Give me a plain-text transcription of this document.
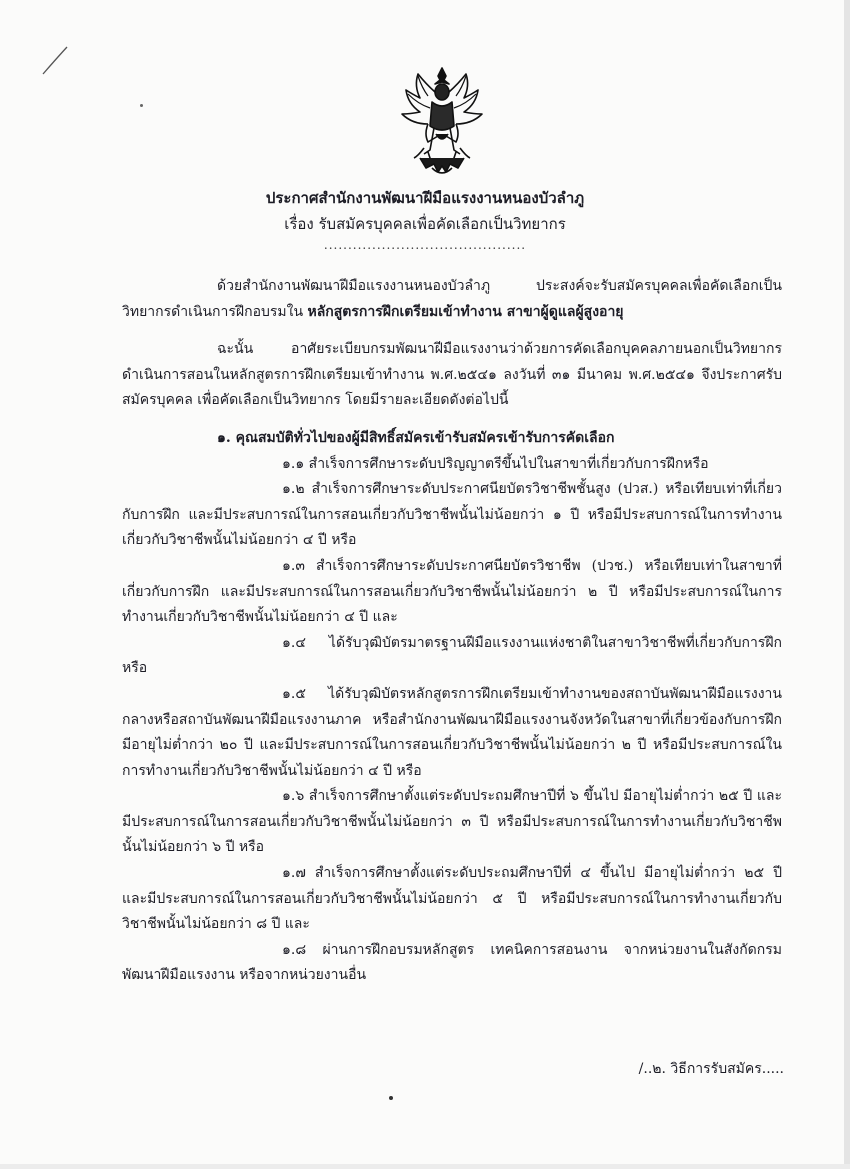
ประกาศสำนักงานพัฒนาฝีมือแรงงานหนองบัวลำภู
เรื่อง รับสมัครบุคคลเพื่อคัดเลือกเป็นวิทยากร
..........................................

ด้วยสำนักงานพัฒนาฝีมือแรงงานหนองบัวลำภู ประสงค์จะรับสมัครบุคคลเพื่อคัดเลือกเป็นวิทยากรดำเนินการฝึกอบรมใน หลักสูตรการฝึกเตรียมเข้าทำงาน สาขาผู้ดูแลผู้สูงอายุ

ฉะนั้น อาศัยระเบียบกรมพัฒนาฝีมือแรงงานว่าด้วยการคัดเลือกบุคคลภายนอกเป็นวิทยากรดำเนินการสอนในหลักสูตรการฝึกเตรียมเข้าทำงาน พ.ศ.๒๕๔๑ ลงวันที่ ๓๑ มีนาคม พ.ศ.๒๕๔๑ จึงประกาศรับสมัครบุคคล เพื่อคัดเลือกเป็นวิทยากร โดยมีรายละเอียดดังต่อไปนี้

๑. คุณสมบัติทั่วไปของผู้มีสิทธิ์สมัครเข้ารับสมัครเข้ารับการคัดเลือก

๑.๑ สำเร็จการศึกษาระดับปริญญาตรีขึ้นไปในสาขาที่เกี่ยวกับการฝึกหรือ

๑.๒ สำเร็จการศึกษาระดับประกาศนียบัตรวิชาชีพชั้นสูง (ปวส.) หรือเทียบเท่าที่เกี่ยวกับการฝึก และมีประสบการณ์ในการสอนเกี่ยวกับวิชาชีพนั้นไม่น้อยกว่า ๑ ปี หรือมีประสบการณ์ในการทำงานเกี่ยวกับวิชาชีพนั้นไม่น้อยกว่า ๔ ปี หรือ

๑.๓ สำเร็จการศึกษาระดับประกาศนียบัตรวิชาชีพ (ปวช.) หรือเทียบเท่าในสาขาที่เกี่ยวกับการฝึก และมีประสบการณ์ในการสอนเกี่ยวกับวิชาชีพนั้นไม่น้อยกว่า ๒ ปี หรือมีประสบการณ์ในการทำงานเกี่ยวกับวิชาชีพนั้นไม่น้อยกว่า ๔ ปี และ

๑.๔ ได้รับวุฒิบัตรมาตรฐานฝีมือแรงงานแห่งชาติในสาขาวิชาชีพที่เกี่ยวกับการฝึก หรือ

๑.๕ ได้รับวุฒิบัตรหลักสูตรการฝึกเตรียมเข้าทำงานของสถาบันพัฒนาฝีมือแรงงานกลางหรือสถาบันพัฒนาฝีมือแรงงานภาค หรือสำนักงานพัฒนาฝีมือแรงงานจังหวัดในสาขาที่เกี่ยวข้องกับการฝึก มีอายุไม่ต่ำกว่า ๒๐ ปี และมีประสบการณ์ในการสอนเกี่ยวกับวิชาชีพนั้นไม่น้อยกว่า ๒ ปี หรือมีประสบการณ์ในการทำงานเกี่ยวกับวิชาชีพนั้นไม่น้อยกว่า ๔ ปี หรือ

๑.๖ สำเร็จการศึกษาตั้งแต่ระดับประถมศึกษาปีที่ ๖ ขึ้นไป มีอายุไม่ต่ำกว่า ๒๕ ปี และมีประสบการณ์ในการสอนเกี่ยวกับวิชาชีพนั้นไม่น้อยกว่า ๓ ปี หรือมีประสบการณ์ในการทำงานเกี่ยวกับวิชาชีพนั้นไม่น้อยกว่า ๖ ปี หรือ

๑.๗ สำเร็จการศึกษาตั้งแต่ระดับประถมศึกษาปีที่ ๔ ขึ้นไป มีอายุไม่ต่ำกว่า ๒๕ ปี และมีประสบการณ์ในการสอนเกี่ยวกับวิชาชีพนั้นไม่น้อยกว่า ๕ ปี หรือมีประสบการณ์ในการทำงานเกี่ยวกับวิชาชีพนั้นไม่น้อยกว่า ๘ ปี และ

๑.๘ ผ่านการฝึกอบรมหลักสูตร เทคนิคการสอนงาน จากหน่วยงานในสังกัดกรมพัฒนาฝีมือแรงงาน หรือจากหน่วยงานอื่น

/..๒. วิธีการรับสมัคร.....
